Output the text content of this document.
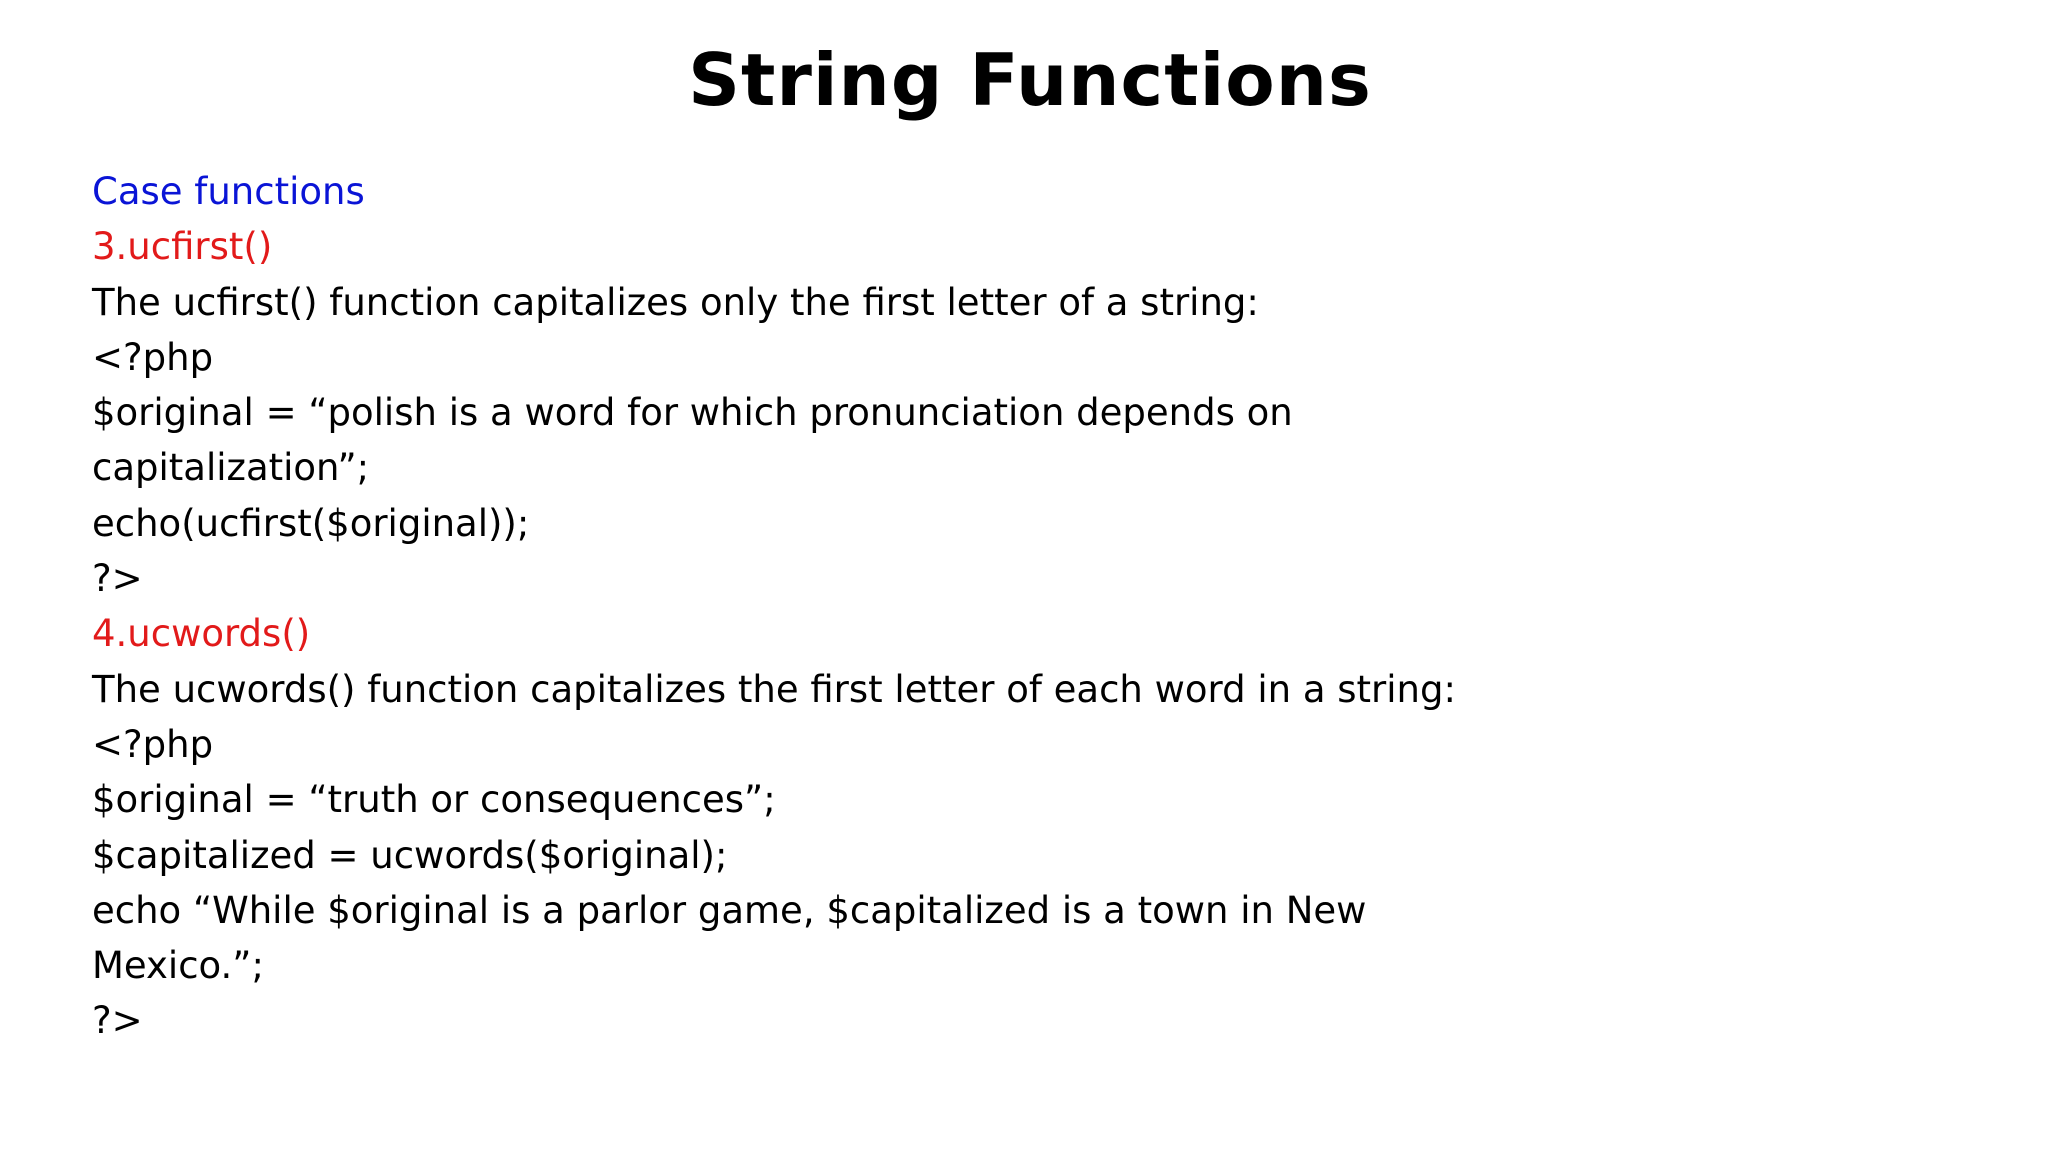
String Functions
Case functions
3.ucfirst()
The ucfirst() function capitalizes only the first letter of a string:
<?php
$original = “polish is a word for which pronunciation depends on
capitalization”;
echo(ucfirst($original));
?>
4.ucwords()
The ucwords() function capitalizes the first letter of each word in a string:
<?php
$original = “truth or consequences”;
$capitalized = ucwords($original);
echo “While $original is a parlor game, $capitalized is a town in New
Mexico.”;
?>
